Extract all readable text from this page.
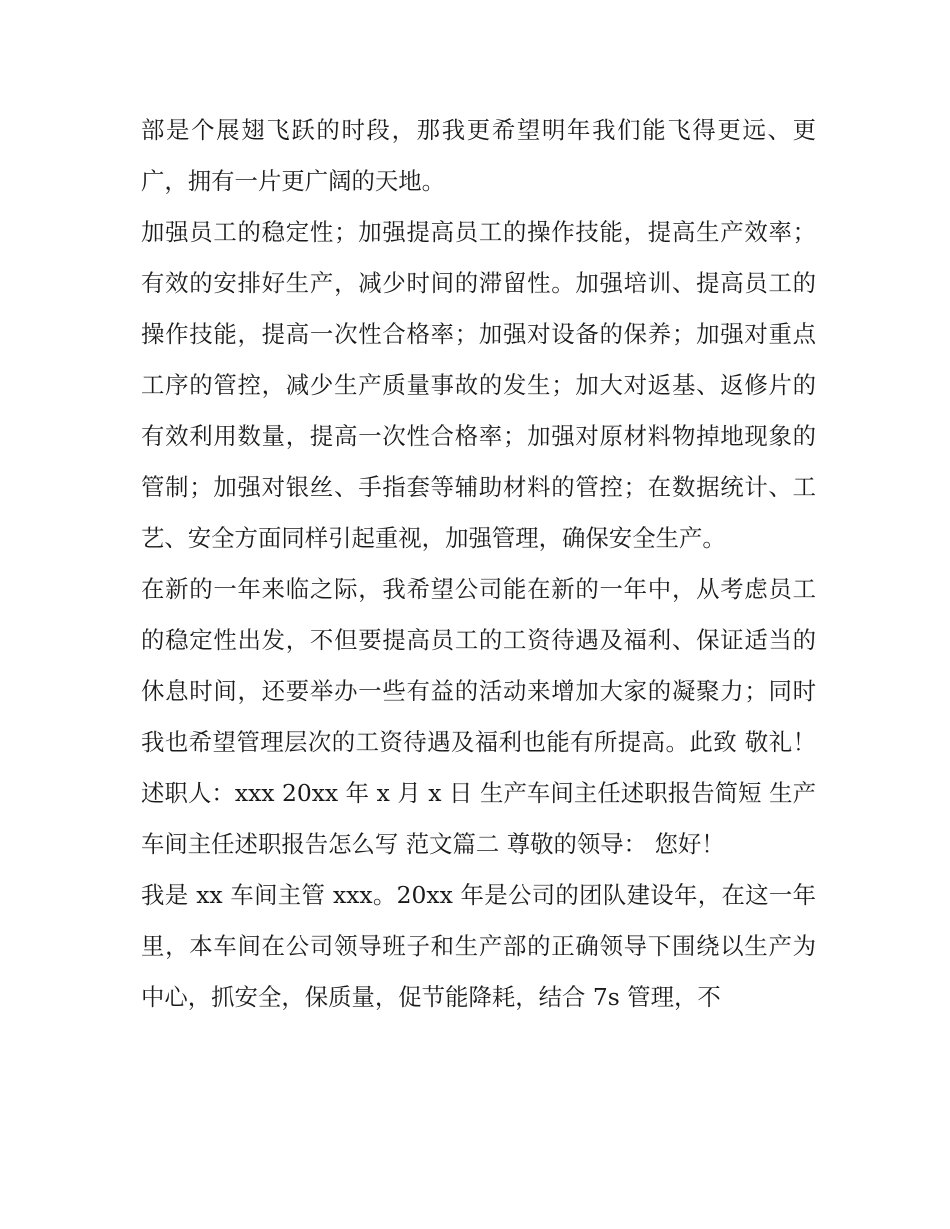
部是个展翅飞跃的时段，那我更希望明年我们能飞得更远、更广，拥有一片更广阔的天地。

加强员工的稳定性；加强提高员工的操作技能，提高生产效率；有效的安排好生产，减少时间的滞留性。加强培训、提高员工的操作技能，提高一次性合格率；加强对设备的保养；加强对重点工序的管控，减少生产质量事故的发生；加大对返基、返修片的有效利用数量，提高一次性合格率；加强对原材料物掉地现象的管制；加强对银丝、手指套等辅助材料的管控；在数据统计、工艺、安全方面同样引起重视，加强管理，确保安全生产。

在新的一年来临之际，我希望公司能在新的一年中，从考虑员工的稳定性出发，不但要提高员工的工资待遇及福利、保证适当的休息时间，还要举办一些有益的活动来增加大家的凝聚力；同时我也希望管理层次的工资待遇及福利也能有所提高。此致 敬礼！ 述职人：xxx 20xx 年 x 月 x 日 生产车间主任述职报告简短 生产车间主任述职报告怎么写 范文篇二 尊敬的领导： 您好！

我是 xx 车间主管 xxx。20xx 年是公司的团队建设年，在这一年里，本车间在公司领导班子和生产部的正确领导下围绕以生产为中心，抓安全，保质量，促节能降耗，结合 7s 管理，不
